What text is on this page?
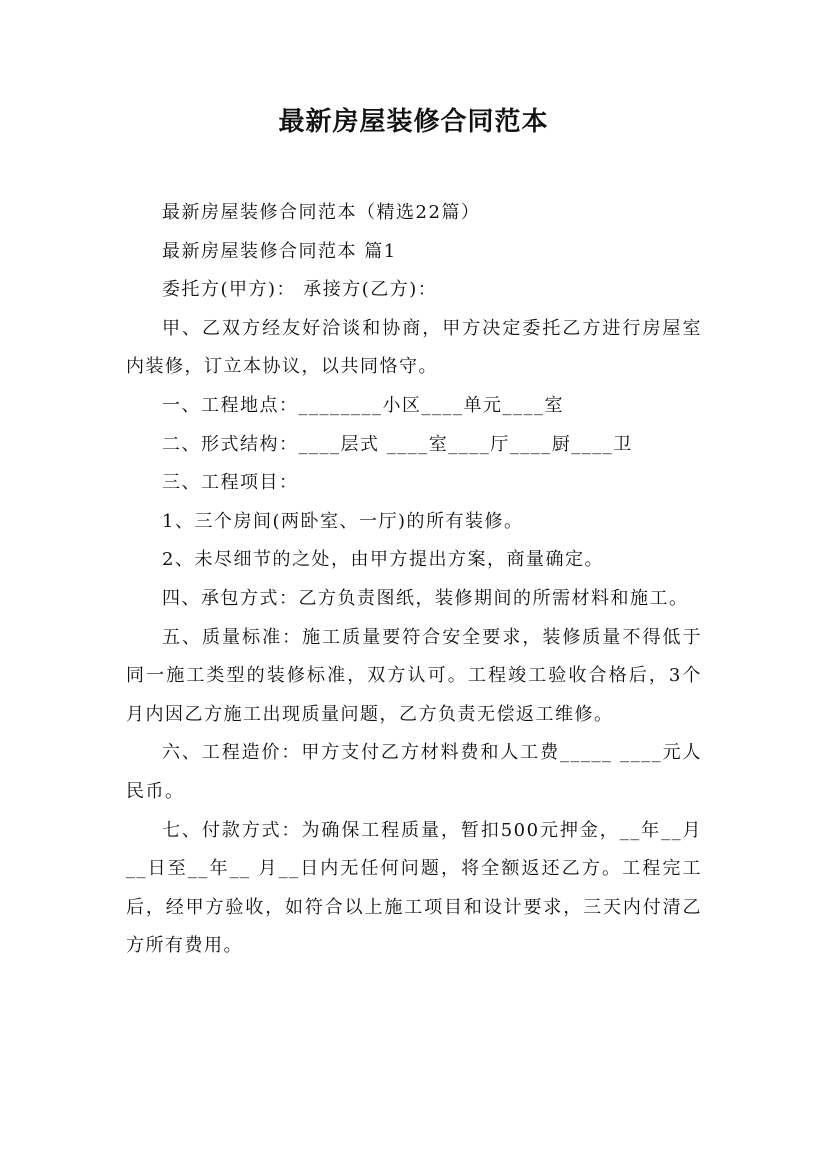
最新房屋装修合同范本

最新房屋装修合同范本（精选22篇）

最新房屋装修合同范本 篇1

委托方(甲方)： 承接方(乙方)：

甲、乙双方经友好洽谈和协商，甲方决定委托乙方进行房屋室内装修，订立本协议，以共同恪守。

一、工程地点：________小区____单元____室

二、形式结构：____层式 ____室____厅____厨____卫

三、工程项目：

1、三个房间(两卧室、一厅)的所有装修。

2、未尽细节的之处，由甲方提出方案，商量确定。

四、承包方式：乙方负责图纸，装修期间的所需材料和施工。

五、质量标准：施工质量要符合安全要求，装修质量不得低于同一施工类型的装修标准，双方认可。工程竣工验收合格后，3个月内因乙方施工出现质量问题，乙方负责无偿返工维修。

六、工程造价：甲方支付乙方材料费和人工费_____ ____元人民币。

七、付款方式：为确保工程质量，暂扣500元押金，__年__月__日至__年__ 月__日内无任何问题，将全额返还乙方。工程完工后，经甲方验收，如符合以上施工项目和设计要求，三天内付清乙方所有费用。
